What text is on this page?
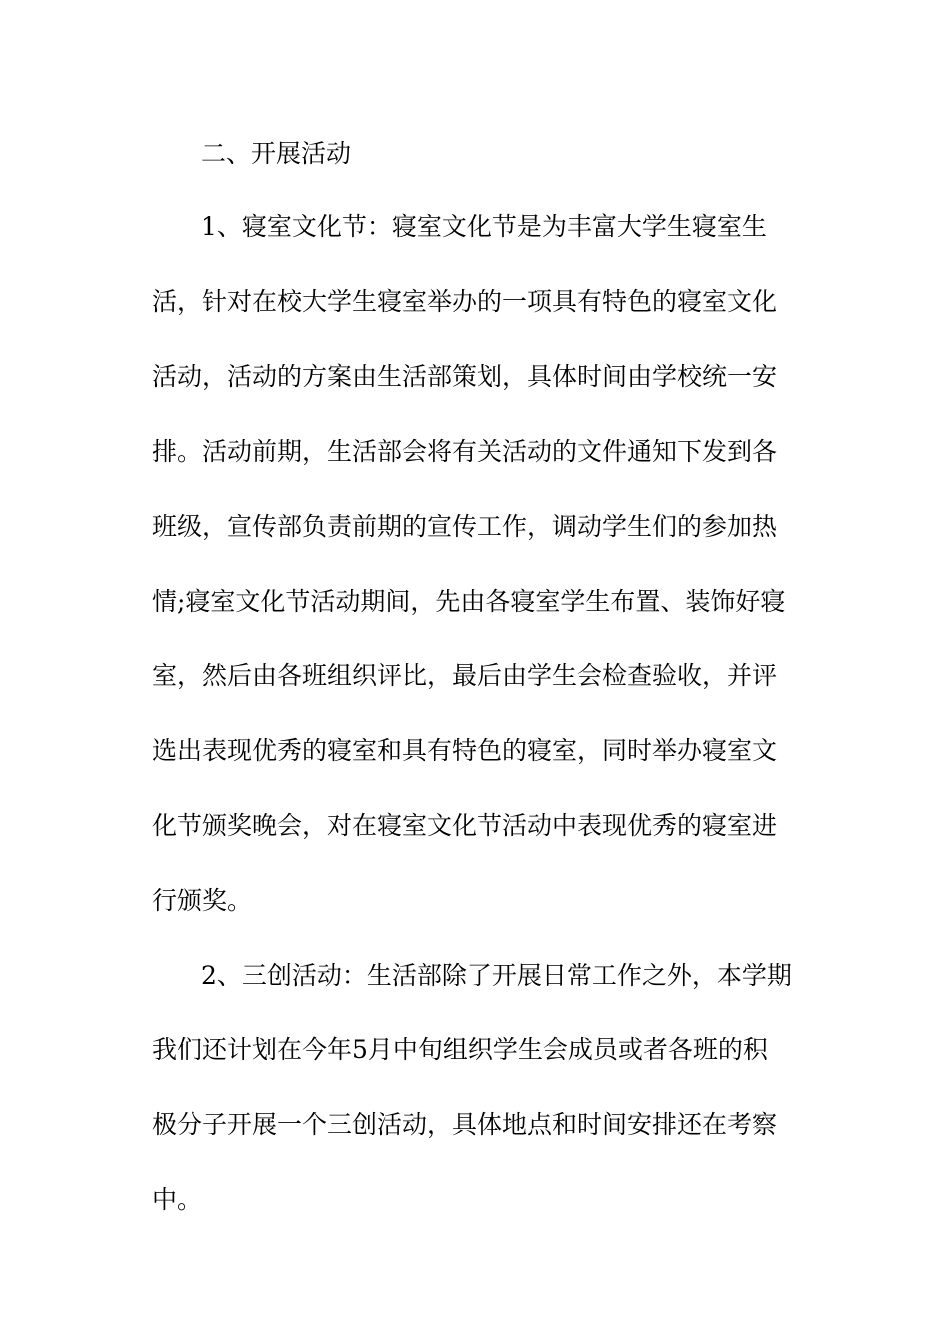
二、开展活动
1、寝室文化节：寝室文化节是为丰富大学生寝室生
活，针对在校大学生寝室举办的一项具有特色的寝室文化
活动，活动的方案由生活部策划，具体时间由学校统一安
排。活动前期，生活部会将有关活动的文件通知下发到各
班级，宣传部负责前期的宣传工作，调动学生们的参加热
情;寝室文化节活动期间，先由各寝室学生布置、装饰好寝
室，然后由各班组织评比，最后由学生会检查验收，并评
选出表现优秀的寝室和具有特色的寝室，同时举办寝室文
化节颁奖晚会，对在寝室文化节活动中表现优秀的寝室进
行颁奖。
2、三创活动：生活部除了开展日常工作之外，本学期
我们还计划在今年5月中旬组织学生会成员或者各班的积
极分子开展一个三创活动，具体地点和时间安排还在考察
中。
